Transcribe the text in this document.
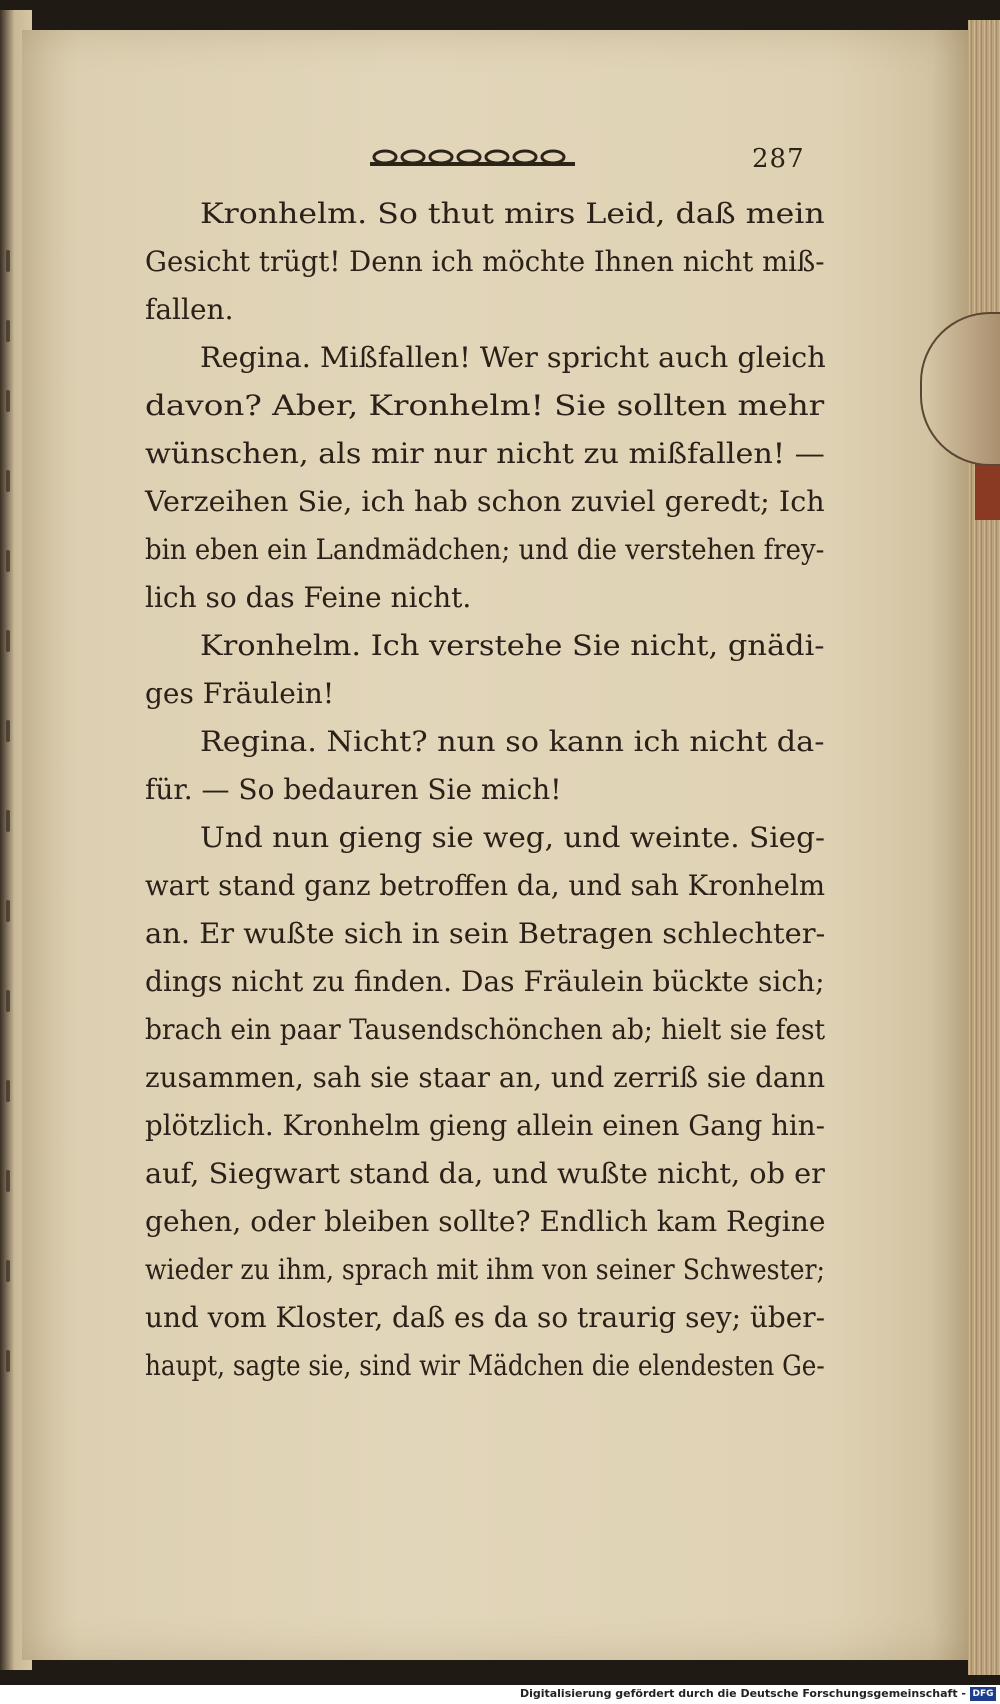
287
Kronhelm. So thut mirs Leid, daß mein
Gesicht trügt! Denn ich möchte Ihnen nicht miß-
fallen.
Regina. Mißfallen! Wer spricht auch gleich
davon? Aber, Kronhelm! Sie sollten mehr
wünschen, als mir nur nicht zu mißfallen! —
Verzeihen Sie, ich hab schon zuviel geredt; Ich
bin eben ein Landmädchen; und die verstehen frey-
lich so das Feine nicht.
Kronhelm. Ich verstehe Sie nicht, gnädi-
ges Fräulein!
Regina. Nicht? nun so kann ich nicht da-
für. — So bedauren Sie mich!
Und nun gieng sie weg, und weinte. Sieg-
wart stand ganz betroffen da, und sah Kronhelm
an. Er wußte sich in sein Betragen schlechter-
dings nicht zu finden. Das Fräulein bückte sich;
brach ein paar Tausendschönchen ab; hielt sie fest
zusammen, sah sie staar an, und zerriß sie dann
plötzlich. Kronhelm gieng allein einen Gang hin-
auf, Siegwart stand da, und wußte nicht, ob er
gehen, oder bleiben sollte? Endlich kam Regine
wieder zu ihm, sprach mit ihm von seiner Schwester;
und vom Kloster, daß es da so traurig sey; über-
haupt, sagte sie, sind wir Mädchen die elendesten Ge-
Digitalisierung gefördert durch die Deutsche Forschungsgemeinschaft - DFG
